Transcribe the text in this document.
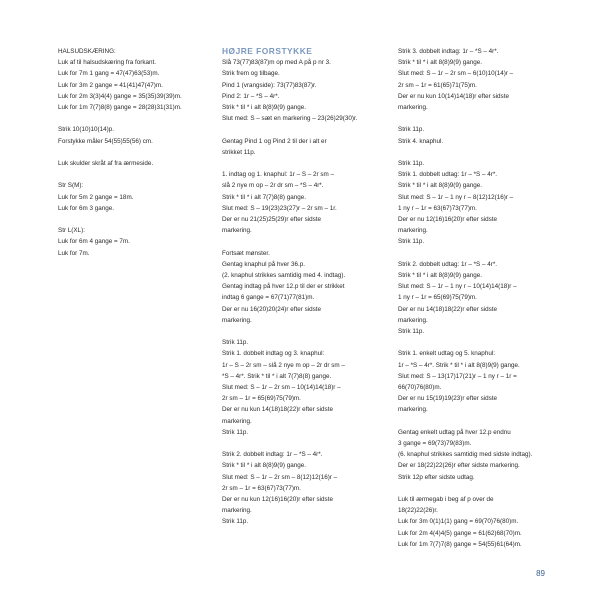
HALSUDSKÆRING:
Luk af til halsudskæring fra forkant.
Luk for 7m 1 gang = 47(47)63(53)m.
Luk for 3m 2 gange = 41(41)47(47)m.
Luk for 2m 3(3)4(4) gange = 35(35)39(39)m.
Luk for 1m 7(7)8(8) gange = 28(28)31(31)m.
Strik 10(10)10(14)p.
Forstykke måler 54(55)55(56) cm.
Luk skulder skråt af fra ærmeside.
Str S(M):
Luk for 5m 2 gange = 18m.
Luk for 6m 3 gange.
Str L(XL):
Luk for 6m 4 gange = 7m.
Luk for 7m.
HØJRE FORSTYKKE
Slå 73(77)83(87)m op med A på p nr 3.
Strik frem og tilbage.
Pind 1 (vrangside): 73(77)83(87)r.
Pind 2: 1r – *S – 4r*.
Strik * til * i alt 8(8)9(9) gange.
Slut med: S – sæt en markering – 23(26)29(30)r.
Gentag Pind 1 og Pind 2 til der i alt er
strikket 11p.
1. indtag og 1. knaphul: 1r – S – 2r sm –
slå 2 nye m op – 2r dr sm – *S – 4r*.
Strik * til * i alt 7(7)8(8) gange.
Slut med: S – 19(23)23(27)r – 2r sm – 1r.
Der er nu 21(25)25(29)r efter sidste
markering.
Fortsæt mønster.
Gentag knaphul på hver 36.p.
(2. knaphul strikkes samtidig med 4. indtag).
Gentag indtag på hver 12.p til der er strikket
indtag 6 gange = 67(71)77(81)m.
Der er nu 16(20)20(24)r efter sidste
markering.
Strik 11p.
Strik 1. dobbelt indtag og 3. knaphul:
1r – S – 2r sm – slå 2 nye m op – 2r dr sm –
*S – 4r*. Strik * til * i alt 7(7)8(8) gange.
Slut med: S – 1r – 2r sm – 10(14)14(18)r –
2r sm – 1r = 65(69)75(79)m.
Der er nu kun 14(18)18(22)r efter sidste
markering.
Strik 11p.
Strik 2. dobbelt indtag: 1r – *S – 4r*.
Strik * til * i alt 8(8)9(9) gange.
Slut med: S – 1r – 2r sm – 8(12)12(16)r –
2r sm – 1r = 63(67)73(77)m.
Der er nu kun 12(16)16(20)r efter sidste
markering.
Strik 11p.
Strik 3. dobbelt indtag: 1r – *S – 4r*.
Strik * til * i alt 8(8)9(9) gange.
Slut med: S – 1r – 2r sm – 6(10)10(14)r –
2r sm – 1r = 61(65)71(75)m.
Der er nu kun 10(14)14(18)r efter sidste
markering.
Strik 11p.
Strik 4. knaphul.
Strik 11p.
Strik 1. dobbelt udtag: 1r – *S – 4r*.
Strik * til * i alt 8(8)9(9) gange.
Slut med: S – 1r – 1 ny r – 8(12)12(16)r –
1 ny r – 1r = 63(67)73(77)m.
Der er nu 12(16)16(20)r efter sidste
markering.
Strik 11p.
Strik 2. dobbelt udtag: 1r – *S – 4r*.
Strik * til * i alt 8(8)9(9) gange.
Slut med: S – 1r – 1 ny r – 10(14)14(18)r –
1 ny r – 1r = 65(69)75(79)m.
Der er nu 14(18)18(22)r efter sidste
markering.
Strik 11p.
Strik 1. enkelt udtag og 5. knaphul:
1r – *S – 4r*. Strik * til * i alt 8(8)9(9) gange.
Slut med: S – 13(17)17(21)r – 1 ny r – 1r =
66(70)76(80)m.
Der er nu 15(19)19(23)r efter sidste
markering.
Gentag enkelt udtag på hver 12.p endnu
3 gange = 69(73)79(83)m.
(6. knaphul strikkes samtidig med sidste indtag).
Der er 18(22)22(26)r efter sidste markering.
Strik 12p efter sidste udtag.
Luk til ærmegab i beg af p over de
18(22)22(26)r.
Luk for 3m 0(1)1(1) gang = 69(70)76(80)m.
Luk for 2m 4(4)4(5) gange = 61(62)68(70)m.
Luk for 1m 7(7)7(8) gange = 54(55)61(64)m.
89
